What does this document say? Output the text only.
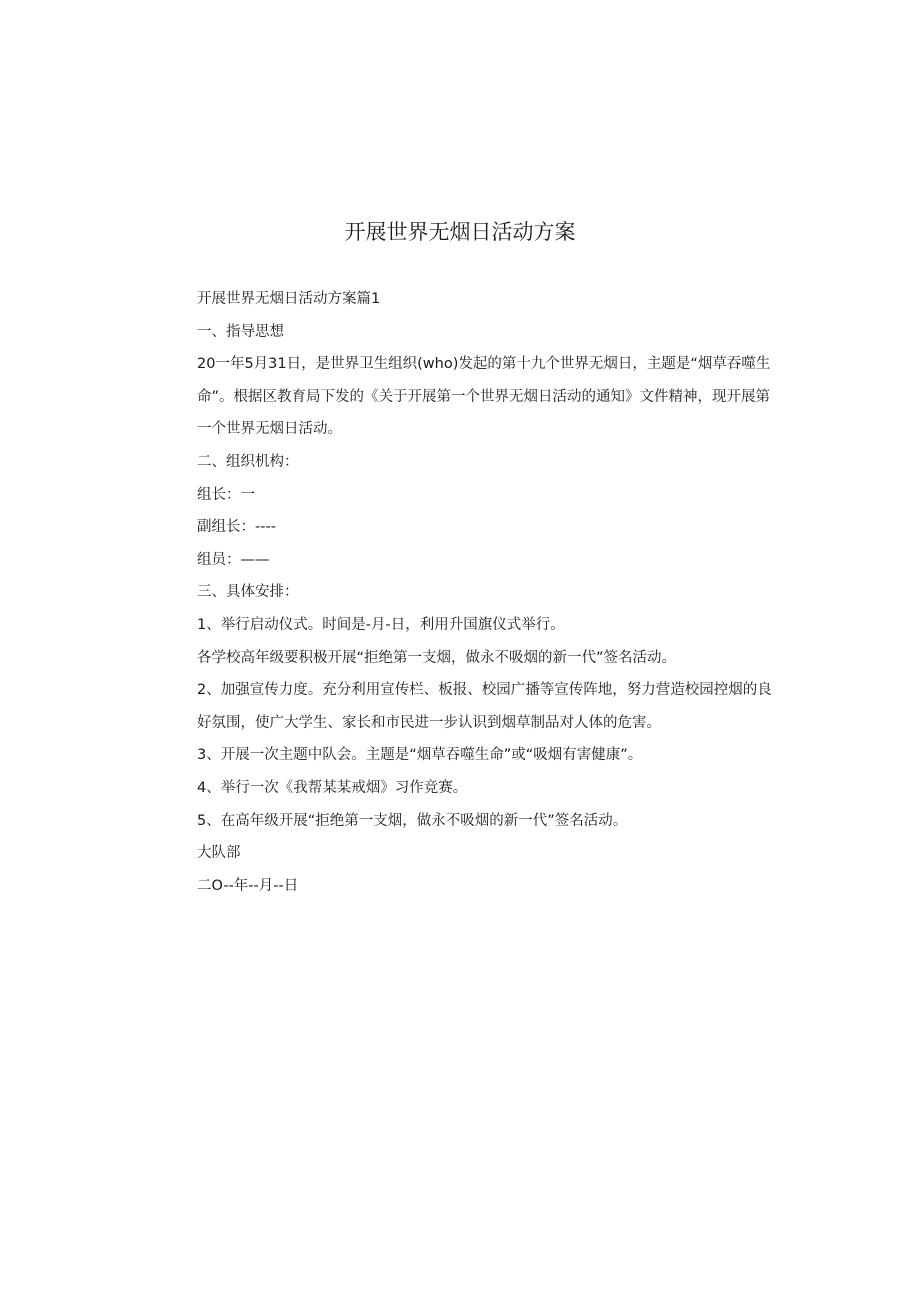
开展世界无烟日活动方案

开展世界无烟日活动方案篇1

一、指导思想

20一年5月31日，是世界卫生组织(who)发起的第十九个世界无烟日，主题是“烟草吞噬生命”。根据区教育局下发的《关于开展第一个世界无烟日活动的通知》文件精神，现开展第一个世界无烟日活动。

二、组织机构：

组长：一

副组长：----

组员：——

三、具体安排：

1、举行启动仪式。时间是-月-日，利用升国旗仪式举行。

各学校高年级要积极开展“拒绝第一支烟，做永不吸烟的新一代”签名活动。

2、加强宣传力度。充分利用宣传栏、板报、校园广播等宣传阵地，努力营造校园控烟的良好氛围，使广大学生、家长和市民进一步认识到烟草制品对人体的危害。

3、开展一次主题中队会。主题是“烟草吞噬生命”或“吸烟有害健康”。

4、举行一次《我帮某某戒烟》习作竞赛。

5、在高年级开展“拒绝第一支烟，做永不吸烟的新一代”签名活动。

大队部

二O--年--月--日
